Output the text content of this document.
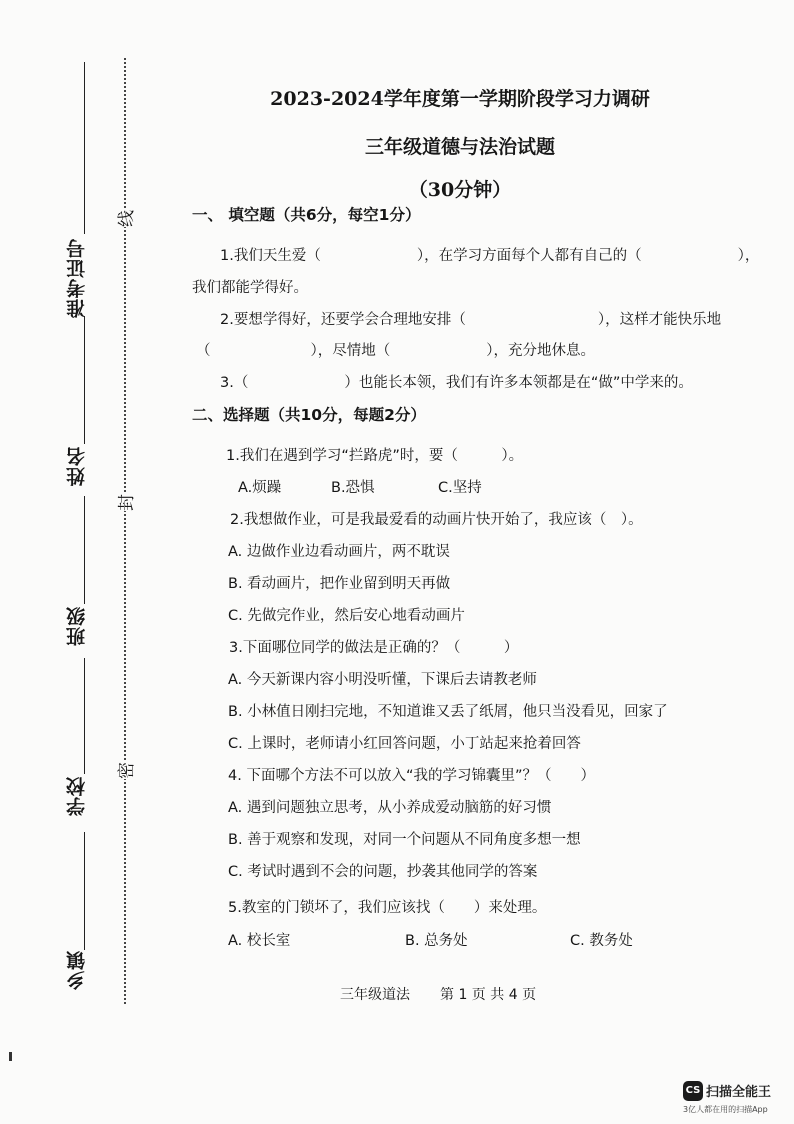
准考证号
姓名
班级
学校
乡镇
线
封
密
2023-2024学年度第一学期阶段学习力调研
三年级道德与法治试题
（30分钟）
一、 填空题（共6分，每空1分）
1.我们天生爱（	），在学习方面每个人都有自己的（	），
我们都能学得好。
2.要想学得好，还要学会合理地安排（	），这样才能快乐地
（	），尽情地（	），充分地休息。
3.（	）也能长本领，我们有许多本领都是在“做”中学来的。
二、选择题（共10分，每题2分）
1.我们在遇到学习“拦路虎”时，要（　　　）。
A.烦躁	B.恐惧	C.坚持
2.我想做作业，可是我最爱看的动画片快开始了，我应该（　）。
A. 边做作业边看动画片，两不耽误
B. 看动画片，把作业留到明天再做
C. 先做完作业，然后安心地看动画片
3.下面哪位同学的做法是正确的？（　　　）
A. 今天新课内容小明没听懂，下课后去请教老师
B. 小林值日刚扫完地，不知道谁又丢了纸屑，他只当没看见，回家了
C. 上课时，老师请小红回答问题，小丁站起来抢着回答
4. 下面哪个方法不可以放入“我的学习锦囊里”？（　　）
A. 遇到问题独立思考，从小养成爱动脑筋的好习惯
B. 善于观察和发现，对同一个问题从不同角度多想一想
C. 考试时遇到不会的问题，抄袭其他同学的答案
5.教室的门锁坏了，我们应该找（　　）来处理。
A. 校长室	B. 总务处	C. 教务处
三年级道法 第 1 页 共 4 页
CS 扫描全能王
3亿人都在用的扫描App
